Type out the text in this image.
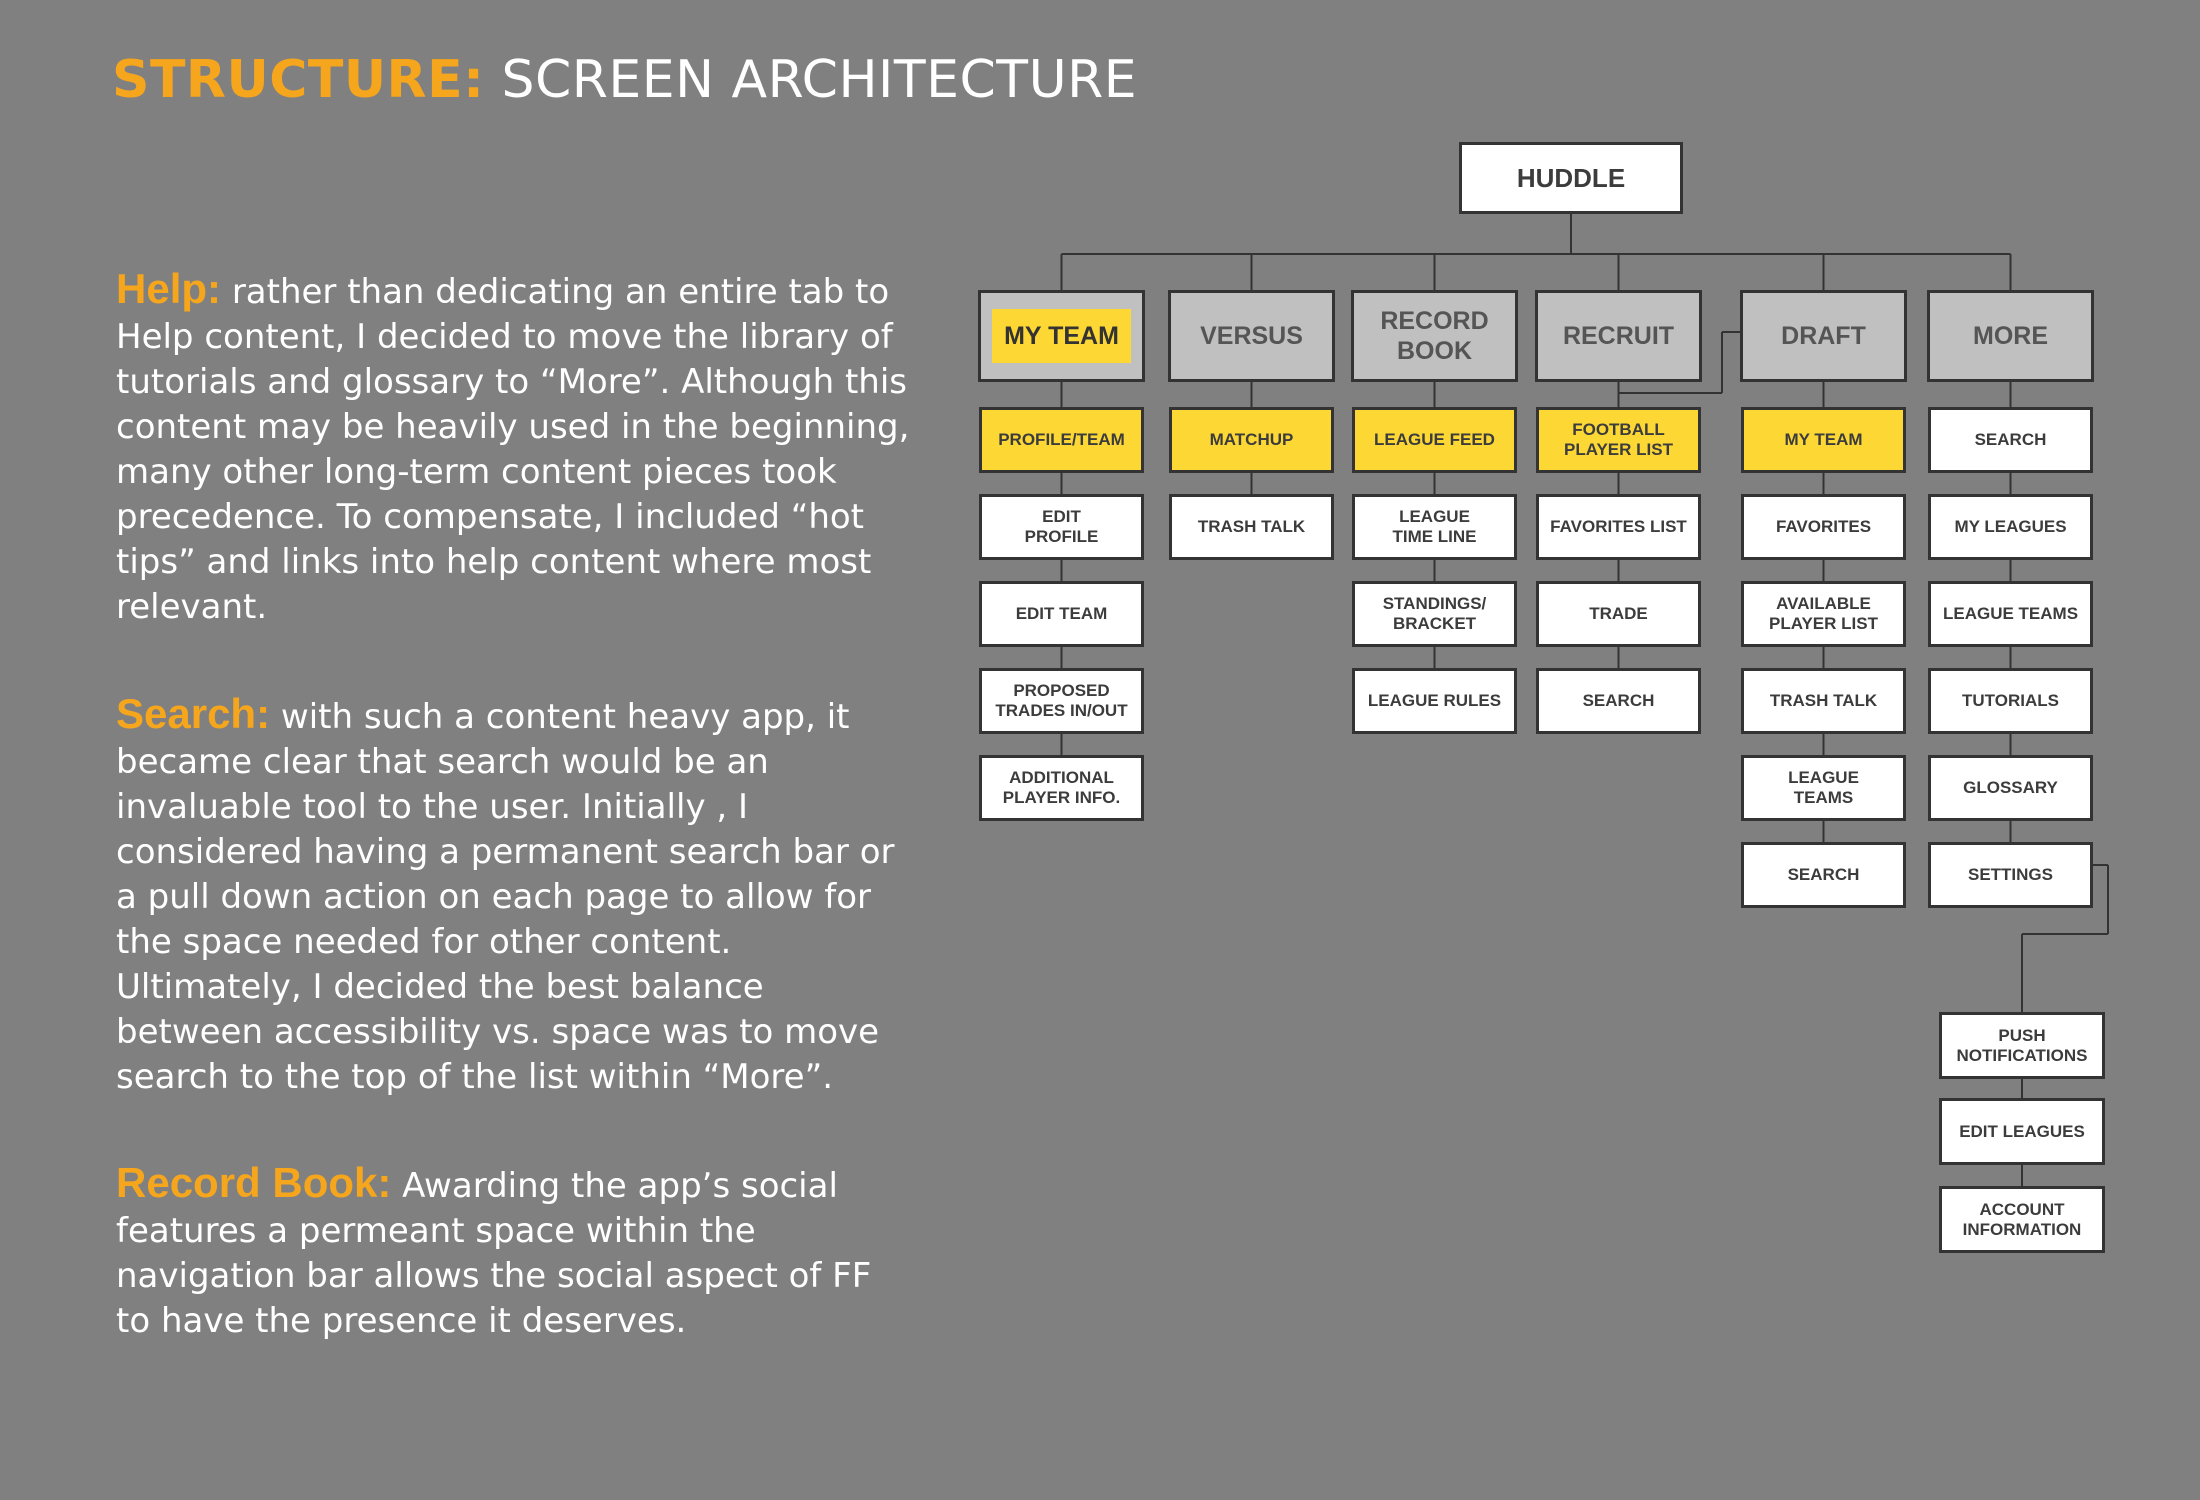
STRUCTURE: SCREEN ARCHITECTURE
Help: rather than dedicating an entire tab to Help content, I decided to move the library of tutorials and glossary to “More”. Although this content may be heavily used in the beginning, many other long-term content pieces took precedence. To compensate, I included “hot tips” and links into help content where most relevant.
Search: with such a content heavy app, it became clear that search would be an invaluable tool to the user. Initially , I considered having a permanent search bar or a pull down action on each page to allow for the space needed for other content. Ultimately, I decided the best balance between accessibility vs. space was to move search to the top of the list within “More”.
Record Book: Awarding the app’s social features a permeant space within the navigation bar allows the social aspect of FF to have the presence it deserves.
HUDDLE
MY TEAM
PROFILE/TEAM
EDIT
PROFILE
EDIT TEAM
PROPOSED
TRADES IN/OUT
ADDITIONAL
PLAYER INFO.
VERSUS
MATCHUP
TRASH TALK
RECORD
BOOK
LEAGUE FEED
LEAGUE
TIME LINE
STANDINGS/
BRACKET
LEAGUE RULES
RECRUIT
FOOTBALL
PLAYER LIST
FAVORITES LIST
TRADE
SEARCH
DRAFT
MY TEAM
FAVORITES
AVAILABLE
PLAYER LIST
TRASH TALK
LEAGUE
TEAMS
SEARCH
MORE
SEARCH
MY LEAGUES
LEAGUE TEAMS
TUTORIALS
GLOSSARY
SETTINGS
PUSH
NOTIFICATIONS
EDIT LEAGUES
ACCOUNT
INFORMATION
